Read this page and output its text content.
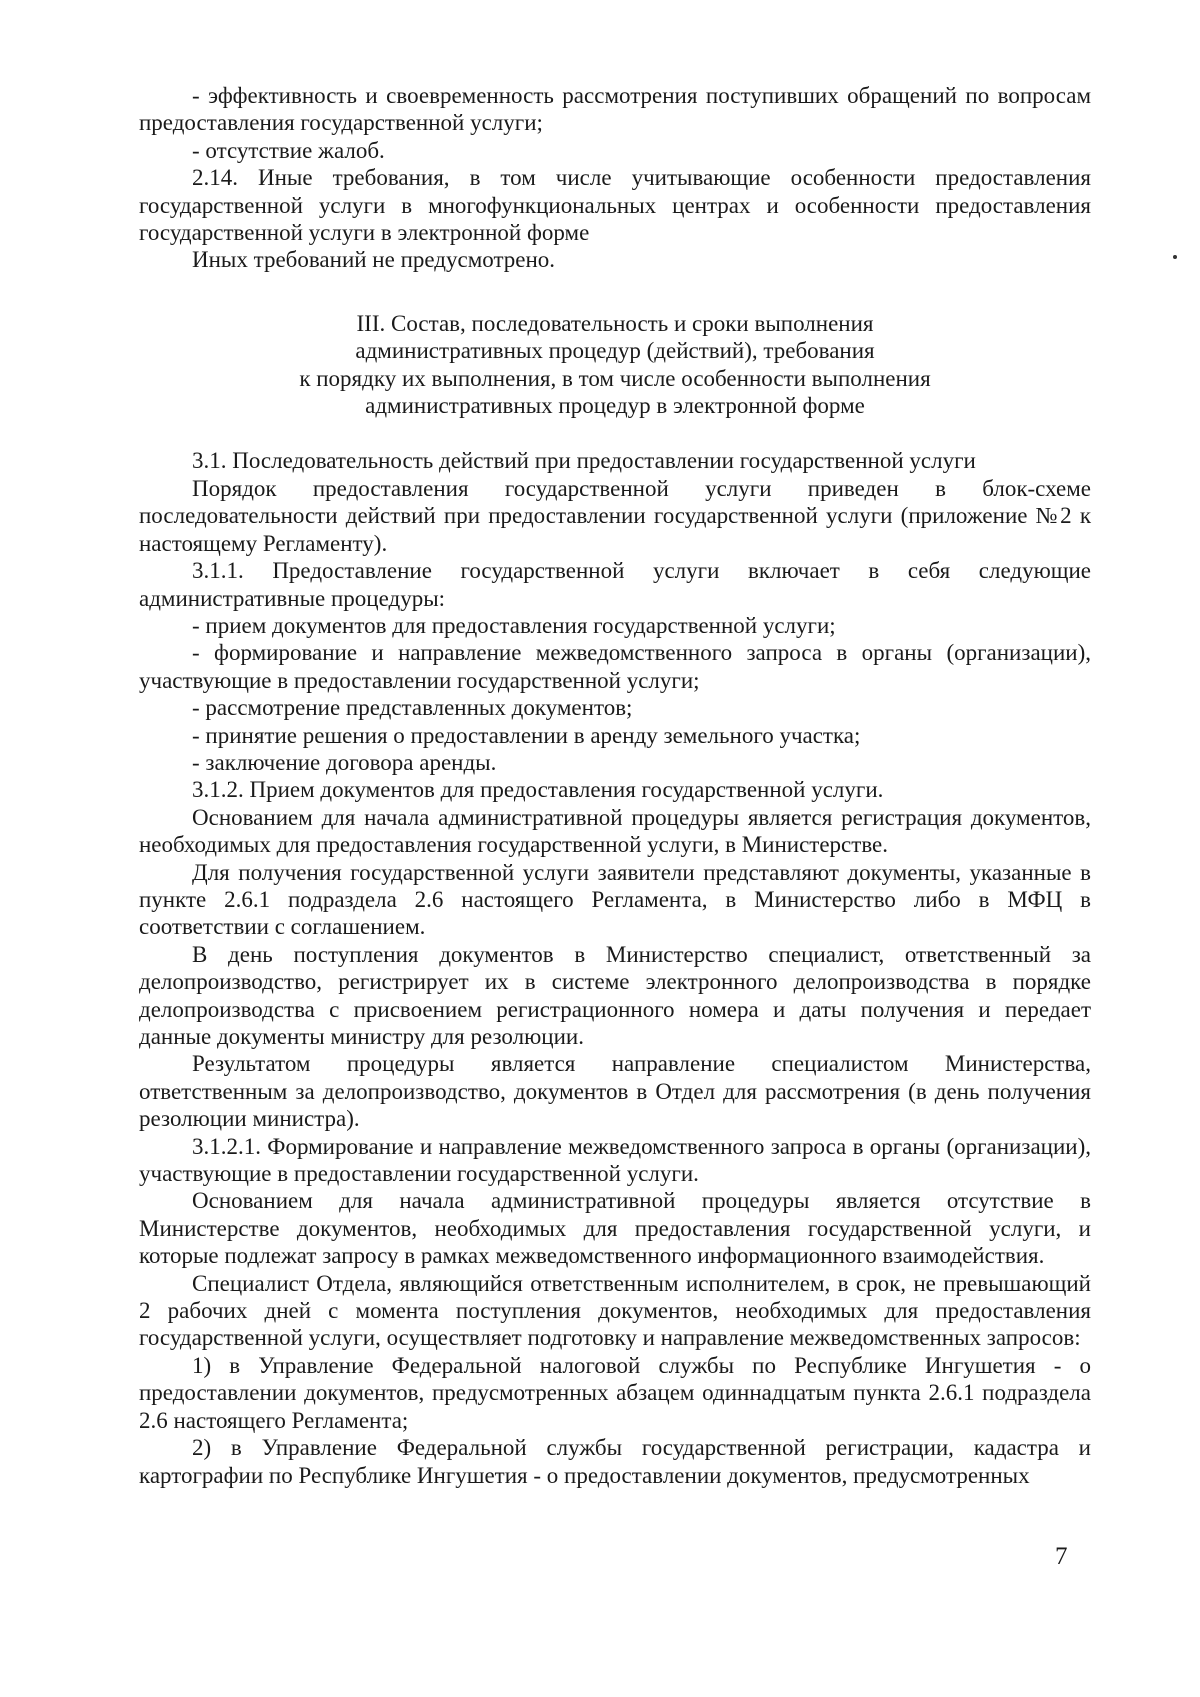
- эффективность и своевременность рассмотрения поступивших обращений по вопросам предоставления государственной услуги;

- отсутствие жалоб.

2.14. Иные требования, в том числе учитывающие особенности предоставления государственной услуги в многофункциональных центрах и особенности предоставления государственной услуги в электронной форме

Иных требований не предусмотрено.

III. Состав, последовательность и сроки выполнения
административных процедур (действий), требования
к порядку их выполнения, в том числе особенности выполнения
административных процедур в электронной форме

3.1. Последовательность действий при предоставлении государственной услуги

Порядок предоставления государственной услуги приведен в блок-схеме последовательности действий при предоставлении государственной услуги (приложение №2 к настоящему Регламенту).

3.1.1. Предоставление государственной услуги включает в себя следующие административные процедуры:

- прием документов для предоставления государственной услуги;

- формирование и направление межведомственного запроса в органы (организации), участвующие в предоставлении государственной услуги;

- рассмотрение представленных документов;

- принятие решения о предоставлении в аренду земельного участка;

- заключение договора аренды.

3.1.2. Прием документов для предоставления государственной услуги.

Основанием для начала административной процедуры является регистрация документов, необходимых для предоставления государственной услуги, в Министерстве.

Для получения государственной услуги заявители представляют документы, указанные в пункте 2.6.1 подраздела 2.6 настоящего Регламента, в Министерство либо в МФЦ в соответствии с соглашением.

В день поступления документов в Министерство специалист, ответственный за делопроизводство, регистрирует их в системе электронного делопроизводства в порядке делопроизводства с присвоением регистрационного номера и даты получения и передает данные документы министру для резолюции.

Результатом процедуры является направление специалистом Министерства, ответственным за делопроизводство, документов в Отдел для рассмотрения (в день получения резолюции министра).

3.1.2.1. Формирование и направление межведомственного запроса в органы (организации), участвующие в предоставлении государственной услуги.

Основанием для начала административной процедуры является отсутствие в Министерстве документов, необходимых для предоставления государственной услуги, и которые подлежат запросу в рамках межведомственного информационного взаимодействия.

Специалист Отдела, являющийся ответственным исполнителем, в срок, не превышающий 2 рабочих дней с момента поступления документов, необходимых для предоставления государственной услуги, осуществляет подготовку и направление межведомственных запросов:

1) в Управление Федеральной налоговой службы по Республике Ингушетия - о предоставлении документов, предусмотренных абзацем одиннадцатым пункта 2.6.1 подраздела 2.6 настоящего Регламента;

2) в Управление Федеральной службы государственной регистрации, кадастра и картографии по Республике Ингушетия - о предоставлении документов, предусмотренных

7
